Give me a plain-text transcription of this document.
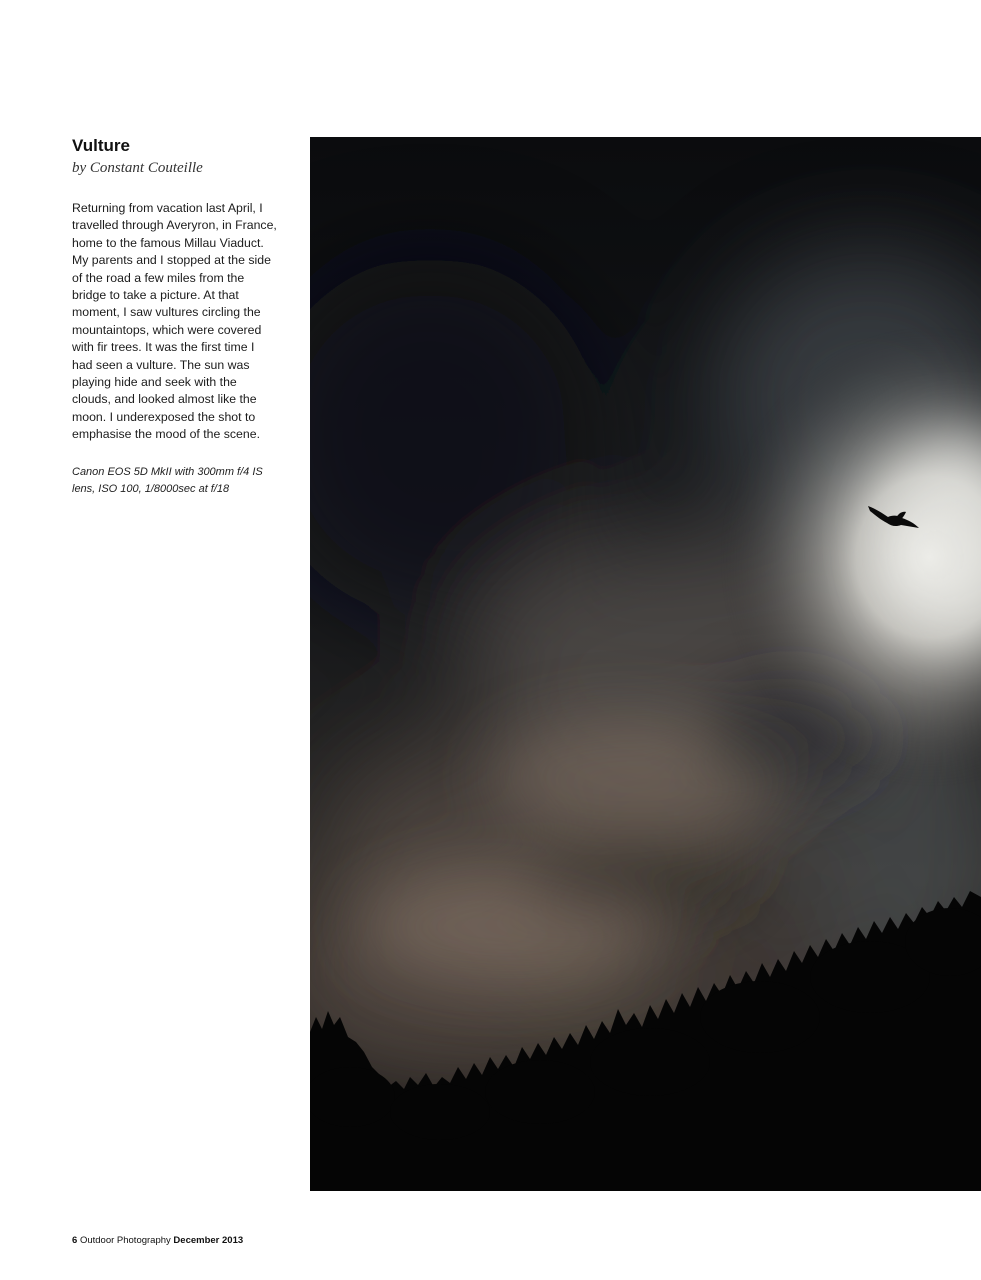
Vulture

by Constant Couteille

Returning from vacation last April, I travelled through Averyron, in France, home to the famous Millau Viaduct. My parents and I stopped at the side of the road a few miles from the bridge to take a picture. At that moment, I saw vultures circling the mountaintops, which were covered with fir trees. It was the first time I had seen a vulture. The sun was playing hide and seek with the clouds, and looked almost like the moon. I underexposed the shot to emphasise the mood of the scene.

Canon EOS 5D MkII with 300mm f/4 IS lens, ISO 100, 1/8000sec at f/18

6 Outdoor Photography December 2013
